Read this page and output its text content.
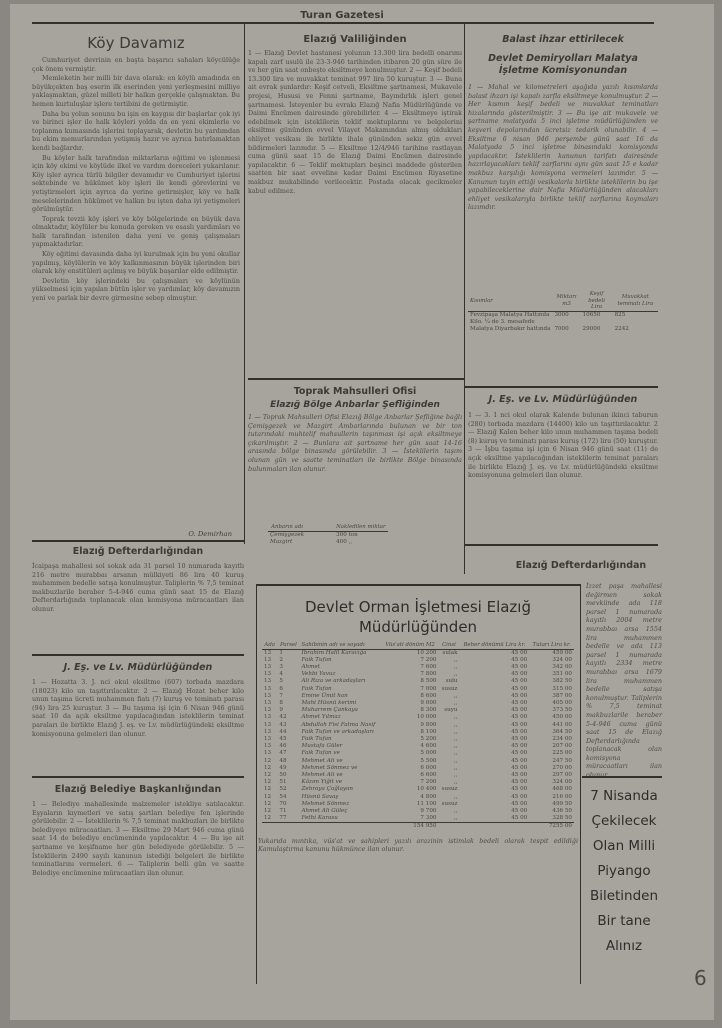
Turan Gazetesi
Köy Davamız

Cumhuriyet devrinin en başta başarıcı sahaları köycülüğe çok önem vermiştir.

Memleketin her milli bir dava olarak: en köylü amadında en büyükçekten baş eserin ilk eserinden yeni yerleşmesini milliye yaklaşmaktan, güzel milleti bir halkın gerçekle çalışmaktan. Bu hemen kurtuluşlar işlere tertibini de getirmiştir.

Daha bu yolun sonunu bu işin en kaygısı dir başlarlar çok iyi ve birinci işler ile halk köyleri yolda da en yeni ekimlerle ve toplanma kumasında işlerini toplayarak, devletin bu yardımdan bu ekim memurlarından yetişmiş hazır ve ayrıca hatırlamaktan kendi bağlardır.

Bu köyler halk tarafından miktarların eğitimi ve işlenmesi için köy ekimi ve köylüde ilkel ve vardım dereceleri yukarılanır. Köy işler ayrıca türlü bilgiler devamıdır ve Cumhuriyet işlerini sektebinde ve hükümet köy işleri ile kendi görevlerini ve yetiştirmeleri için ayrıca da yerine getirmişler, köy ve halk meselelerinden hükümet ve halkın bu işten daha iyi yetişmeleri görülmüştür.

Toprak tevzii köy işleri ve köy bölgelerinde en büyük dava olmaktadır, köylüler bu konuda gereken ve esaslı yardımları ve halk tarafından istenilen daha yeni ve geniş çalışmaları yapmaktadırlar.

Köy eğitimi davasında daha iyi kurulmak için bu yeni okullar yapılmış, köylülerin ve köy kalkınmasının büyük işlerinden biri olarak köy enstitüleri açılmış ve büyük başarılar elde edilmiştir.

Devletin köy işlerindeki bu çalışmaları ve köylünün yükselmesi için yapılan bütün işler ve yardımlar, köy davamızın yeni ve parlak bir devre girmesine sebep olmuştur.

O. Demirhan
Elazığ Valiliğinden
1 — Elazığ Devlet hastanesi yolunun 13.300 lira bedelli onarımı kapalı zarf usulü ile 23-3-946 tarihinden itibaren 20 gün süre ile ve her gün saat onbeşte eksiltmeye konulmuştur. 2 — Keşif bedeli 13.300 lira ve muvakkat teminat 997 lira 50 kuruştur. 3 — Buna ait evrak şunlardır: Keşif cetveli, Eksiltme şartnamesi, Mukavele projesi, Hususi ve Fenni şartname, Bayındırlık işleri genel şartnamesi. İsteyenler bu evrakı Elazığ Nafia Müdürlüğünde ve Daimi Encümen dairesinde görebilirler. 4 — Eksiltmeye iştirak edebilmek için isteklilerin teklif mektuplarını ve belgelerini eksiltme gününden evvel Vilayet Makamından almış oldukları ehliyet vesikası ile birlikte ihale gününden sekiz gün evvel bildirmeleri lazımdır. 5 — Eksiltme 12/4/946 tarihine rastlayan cuma günü saat 15 de Elazığ Daimi Encümen dairesinde yapılacaktır. 6 — Teklif mektupları beşinci maddede gösterilen saatten bir saat evveline kadar Daimi Encümen Riyasetine makbuz mukabilinde verilecektir. Postada olacak gecikmeler kabul edilmez.
Toprak Mahsulleri Ofisi
Elazığ Bölge Anbarlar Şefliğinden
1 — Toprak Mahsulleri Ofisi Elazığ Bölge Anbarlar Şefliğine bağlı Çemişgezek ve Mazgirt Ambarlarında bulunan ve bir ton tutarındaki muhtelif mahsullerin taşınması işi açık eksiltmeye çıkarılmıştır. 2 — Bunlara ait şartname her gün saat 14-16 arasında bölge binasında görülebilir. 3 — İsteklilerin taşım olunan gün ve saatte teminatları ile birlikte Bölge binasında bulunmaları ilan olunur.
Anbarın adı	Nakledilen miktar
Çemişgezek	300 ton
Mazgirt	400 ,,
Balast ihzar ettirilecek
Devlet Demiryolları Malatya İşletme Komisyonundan
1 — Mahal ve kilometreleri aşağıda yazılı kısımlarda balast ihzarı işi kapalı zarfla eksiltmeye konulmuştur. 2 — Her kısmın keşif bedeli ve muvakkat teminatları hizalarında gösterilmiştir. 3 — Bu işe ait mukavele ve şartname malatyada 5 inci işletme müdürlüğünden ve keşveri depolarından ücretsiz tedarik olunabilir. 4 — Eksiltme 6 nisan 946 perşembe günü saat 16 da Malatyada 5 inci işletme binasındaki komisyonda yapılacaktır. İsteklilerin kanunun tarifatı dairesinde hazırlayacakları teklif zarflarını aynı gün saat 15 e kadar makbuz karşılığı komisyona vermeleri lazımdır. 5 — Kanunun tayin ettiği vesikalarla birlikte isteklilerin bu işe yapabileceklerine dair Nafia Müdürlüğünden alacakları ehliyet vesikalarıyla birlikte teklif zarflarına koymaları lazımdır.
Kısımlar	Miktarı m3	Keşif bedeli Lira	Muvakkat teminatı Lira
Fevzipaşa Malatya Hattında	3000	10650	825
Kilo. ¼ de 3. mesafede			
Malatya Diyarbakır hattında	7000	29000	2242
J. Eş. ve Lv. Müdürlüğünden
1 — 3. 1 nci okul olarak Kalende bulunan ikinci taburun (280) torbada mazdara (14400) kilo un taşıttırılacaktır. 2 — Elazığ Kalen beher kilo unun muhammen taşıma bedeli (8) kuruş ve teminatı parası kuruş (172) lira (50) kuruştur. 3 — İşbu taşıma işi için 6 Nisan 946 günü saat (11) de açık eksiltme yapılacağından isteklilerin teminat paraları ile birlikte Elazığ J. eş. ve Lv. müdürlüğündeki eksiltme komisyonuna gelmeleri ilan olunur.
Elazığ Defterdarlığından
İcaipaşa mahallesi sol sokak ada 31 parsel 10 numarada kayıtlı 216 metre murabbaı arsanın mülkiyeti 86 lira 40 kuruş muhammen bedelle satışa konulmuştur. Taliplerin % 7,5 teminat makbuzlarile beraber 5-4-946 cuma günü saat 15 de Elazığ Defterdarlığında toplanacak olan komisyona müracaatları ilan olunur.
J. Eş. ve Lv. Müdürlüğünden
1 — Hozatta 3. J. nci okul eksiltme (607) torbada mazdara (18023) kilo un taşıttırılacaktır. 2 — Elazığ Hozat beher kilo unun taşıma ücreti muhammen fiatı (7) kuruş ve teminatı parası (94) lira 25 kuruştur. 3 — Bu taşıma işi için 6 Nisan 946 günü saat 10 da açık eksiltme yapılacağından isteklilerin teminat paraları ile birlikte Elazığ J. eş. ve Lv. müdürlüğündeki eksiltme komisyonuna gelmeleri ilan olunur.
Elazığ Belediye Başkanlığından
1 — Belediye mahallesinde malzemeler istekliye satılacaktır. Eşyaların kıymetleri ve satış şartları belediye fen işlerinde görülebilir. 2 — İsteklilerin % 7,5 teminat makbuzları ile birlikte belediyeye müracaatları. 3 — Eksiltme 29 Mart 946 cuma günü saat 14 de belediye encümeninde yapılacaktır. 4 — Bu işe ait şartname ve keşifname her gün belediyede görülebilir. 5 — İsteklilerin 2490 sayılı kanunun istediği belgeleri ile birlikte teminatlarını vermeleri. 6 — Taliplerin belli gün ve saatte Belediye encümenine müracaatları ilan olunur.
Devlet Orman İşletmesi Elazığ
Müdürlüğünden
Ada	Parsel	Sahibinin adı ve soyadı	Vüs'ati dönüm M2	Cinsi	Beher dönümü Lira kr.	Tutarı Lira kr.
13	1	İbrahim Halil Karacığa	10 200	sulak	45 00	459 00
13	2	Faik Tufan	7 200	,,	45 00	324 00
13	3	Ahmet	7 600	,,	45 00	342 00
13	4	Vehbi Yavuz	7 800	,,	45 00	351 00
13	5	Ali Rıza ve arkadaşları	8 500	sulu	45 00	382 50
13	6	Faik Tufan	7 000	susuz	45 00	315 00
13	7	Emine Ümit han	8 600	,,	45 00	387 00
13	8	Mahi Hüsnü kerimi	9 000	,,	45 00	405 00
13	9	Muharrem Çankaya	8 300	suyu	45 00	373 50
13	42	Ahmet Yılmaz	10 000	,,	45 00	450 00
13	43	Abdullah Fisi Fatma Nasif	9 800	,,	45 00	441 00
13	44	Faik Tufan ve arkadaşları	8 100	,,	45 00	364 50
13	45	Faik Tufan	5 200	,,	45 00	234 00
13	46	Mustafa Güler	4 600	,,	45 00	207 00
13	47	Faik Tufan ve	5 000	,,	45 00	225 00
12	48	Mehmet Ali ve	5 500	,,	45 00	247 50
12	49	Mehmet Sönmez ve	6 000	,,	45 00	270 00
12	50	Mehmet Ali ve	6 600	,,	45 00	297 00
12	51	Kâzım Yiğit ve	7 200	,,	45 00	324 00
12	52	Zehraya Çağlayan	10 400	susuz	45 00	468 00
12	54	Hüsnü Savaş	4 800	,,	45 00	216 00
12	70	Mehmet Sönmez	11 100	susuz	45 00	499 50
12	71	Ahmet Ali Güleç	9 700	,,	45 00	436 50
12	77	Fethi Karasu	7 300	,,	45 00	328 50
			154 950			7255 00
Yukarıda mıntıka, vüs'at ve sahipleri yazılı arazinin istimlak bedeli olarak tespit edildiği Kamulaştırma kanunu hükmünce ilan olunur.
Elazığ Defterdarlığından
İzzet paşa mahallesi değirmen sokak mevkiinde ada 118 parsel 1 numarada kayıtlı 2004 metre murabbaı arsa 1554 lira muhammen bedelle ve ada 113 parsel 1 numarada kayıtlı 2334 metre murabbaı arsa 1679 lira muhammen bedelle satışa konulmuştur. Taliplerin % 7,5 teminat makbuzlarile beraber 5-4-946 cuma günü saat 15 de Elazığ Defterdarlığında toplanacak olan komisyona müracaatları ilan
7 Nisanda
Çekilecek
Olan Milli
Piyango
Biletinden
Bir tane
Alınız
6
